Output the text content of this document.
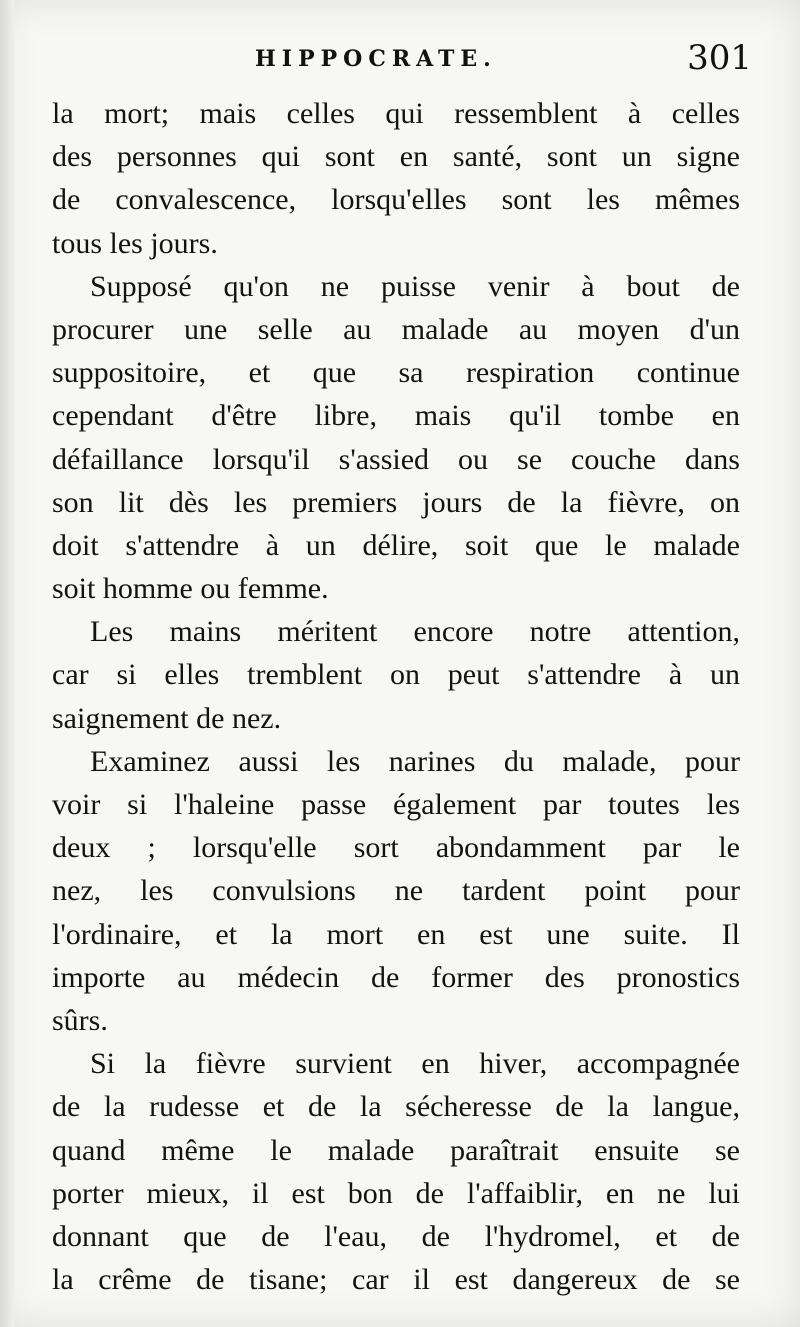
HIPPOCRATE.	301
la mort; mais celles qui ressemblent à celles
des personnes qui sont en santé, sont un signe
de convalescence, lorsqu'elles sont les mêmes
tous les jours.
Supposé qu'on ne puisse venir à bout de
procurer une selle au malade au moyen d'un
suppositoire, et que sa respiration continue
cependant d'être libre, mais qu'il tombe en
défaillance lorsqu'il s'assied ou se couche dans
son lit dès les premiers jours de la fièvre, on
doit s'attendre à un délire, soit que le malade
soit homme ou femme.
Les mains méritent encore notre attention,
car si elles tremblent on peut s'attendre à un
saignement de nez.
Examinez aussi les narines du malade, pour
voir si l'haleine passe également par toutes les
deux ; lorsqu'elle sort abondamment par le
nez, les convulsions ne tardent point pour
l'ordinaire, et la mort en est une suite. Il
importe au médecin de former des pronostics
sûrs.
Si la fièvre survient en hiver, accompagnée
de la rudesse et de la sécheresse de la langue,
quand même le malade paraîtrait ensuite se
porter mieux, il est bon de l'affaiblir, en ne lui
donnant que de l'eau, de l'hydromel, et de
la crême de tisane; car il est dangereux de se
